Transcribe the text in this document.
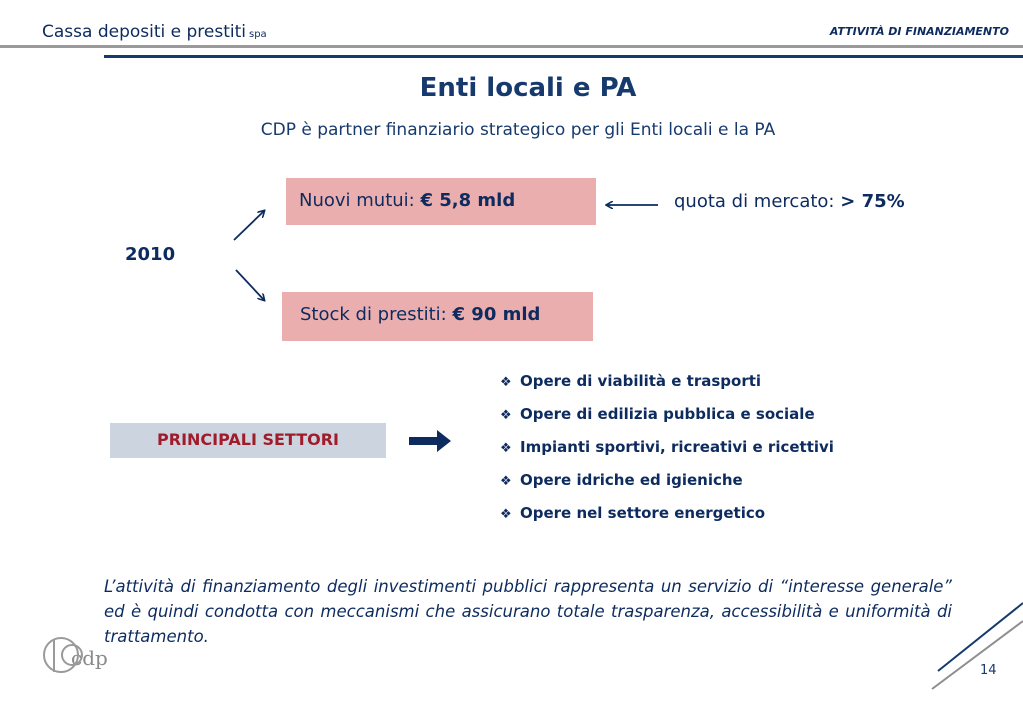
Cassa depositi e prestiti spa	ATTIVITÀ DI FINANZIAMENTO
Enti locali e PA
CDP è partner finanziario strategico per gli Enti locali e la PA
2010
Nuovi mutui: € 5,8 mld	quota di mercato: > 75%
Stock di prestiti: € 90 mld
PRINCIPALI SETTORI
❖ Opere di viabilità e trasporti
❖ Opere di edilizia pubblica e sociale
❖ Impianti sportivi, ricreativi e ricettivi
❖ Opere idriche ed igieniche
❖ Opere nel settore energetico
L’attività di finanziamento degli investimenti pubblici rappresenta un servizio di “interesse generale” ed è quindi condotta con meccanismi che assicurano totale trasparenza, accessibilità e uniformità di trattamento.
14
cdp
